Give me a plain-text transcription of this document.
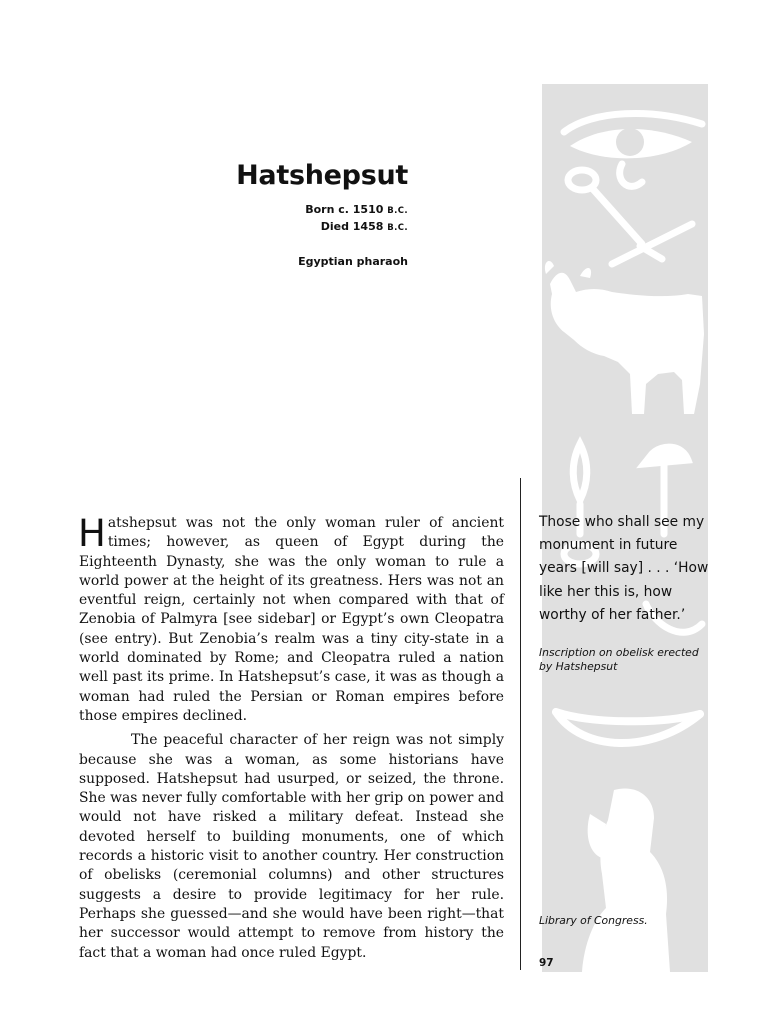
Hatshepsut
Born c. 1510 B.C.
Died 1458 B.C.
Egyptian pharaoh

Hatshepsut was not the only woman ruler of ancient times; however, as queen of Egypt during the Eighteenth Dynasty, she was the only woman to rule a world power at the height of its greatness. Hers was not an eventful reign, certainly not when compared with that of Zenobia of Palmyra [see sidebar] or Egypt’s own Cleopatra (see entry). But Zenobia’s realm was a tiny city-state in a world dominated by Rome; and Cleopatra ruled a nation well past its prime. In Hatshepsut’s case, it was as though a woman had ruled the Persian or Roman empires before those empires declined.

The peaceful character of her reign was not simply because she was a woman, as some historians have supposed. Hatshepsut had usurped, or seized, the throne. She was never fully comfortable with her grip on power and would not have risked a military defeat. Instead she devoted herself to building monuments, one of which records a historic visit to another country. Her construction of obelisks (ceremonial columns) and other structures suggests a desire to provide legitimacy for her rule. Perhaps she guessed—and she would have been right—that her successor would attempt to remove from history the fact that a woman had once ruled Egypt.

Those who shall see my monument in future years [will say] . . . ‘How like her this is, how worthy of her father.’
Inscription on obelisk erected by Hatshepsut
Library of Congress.
97
